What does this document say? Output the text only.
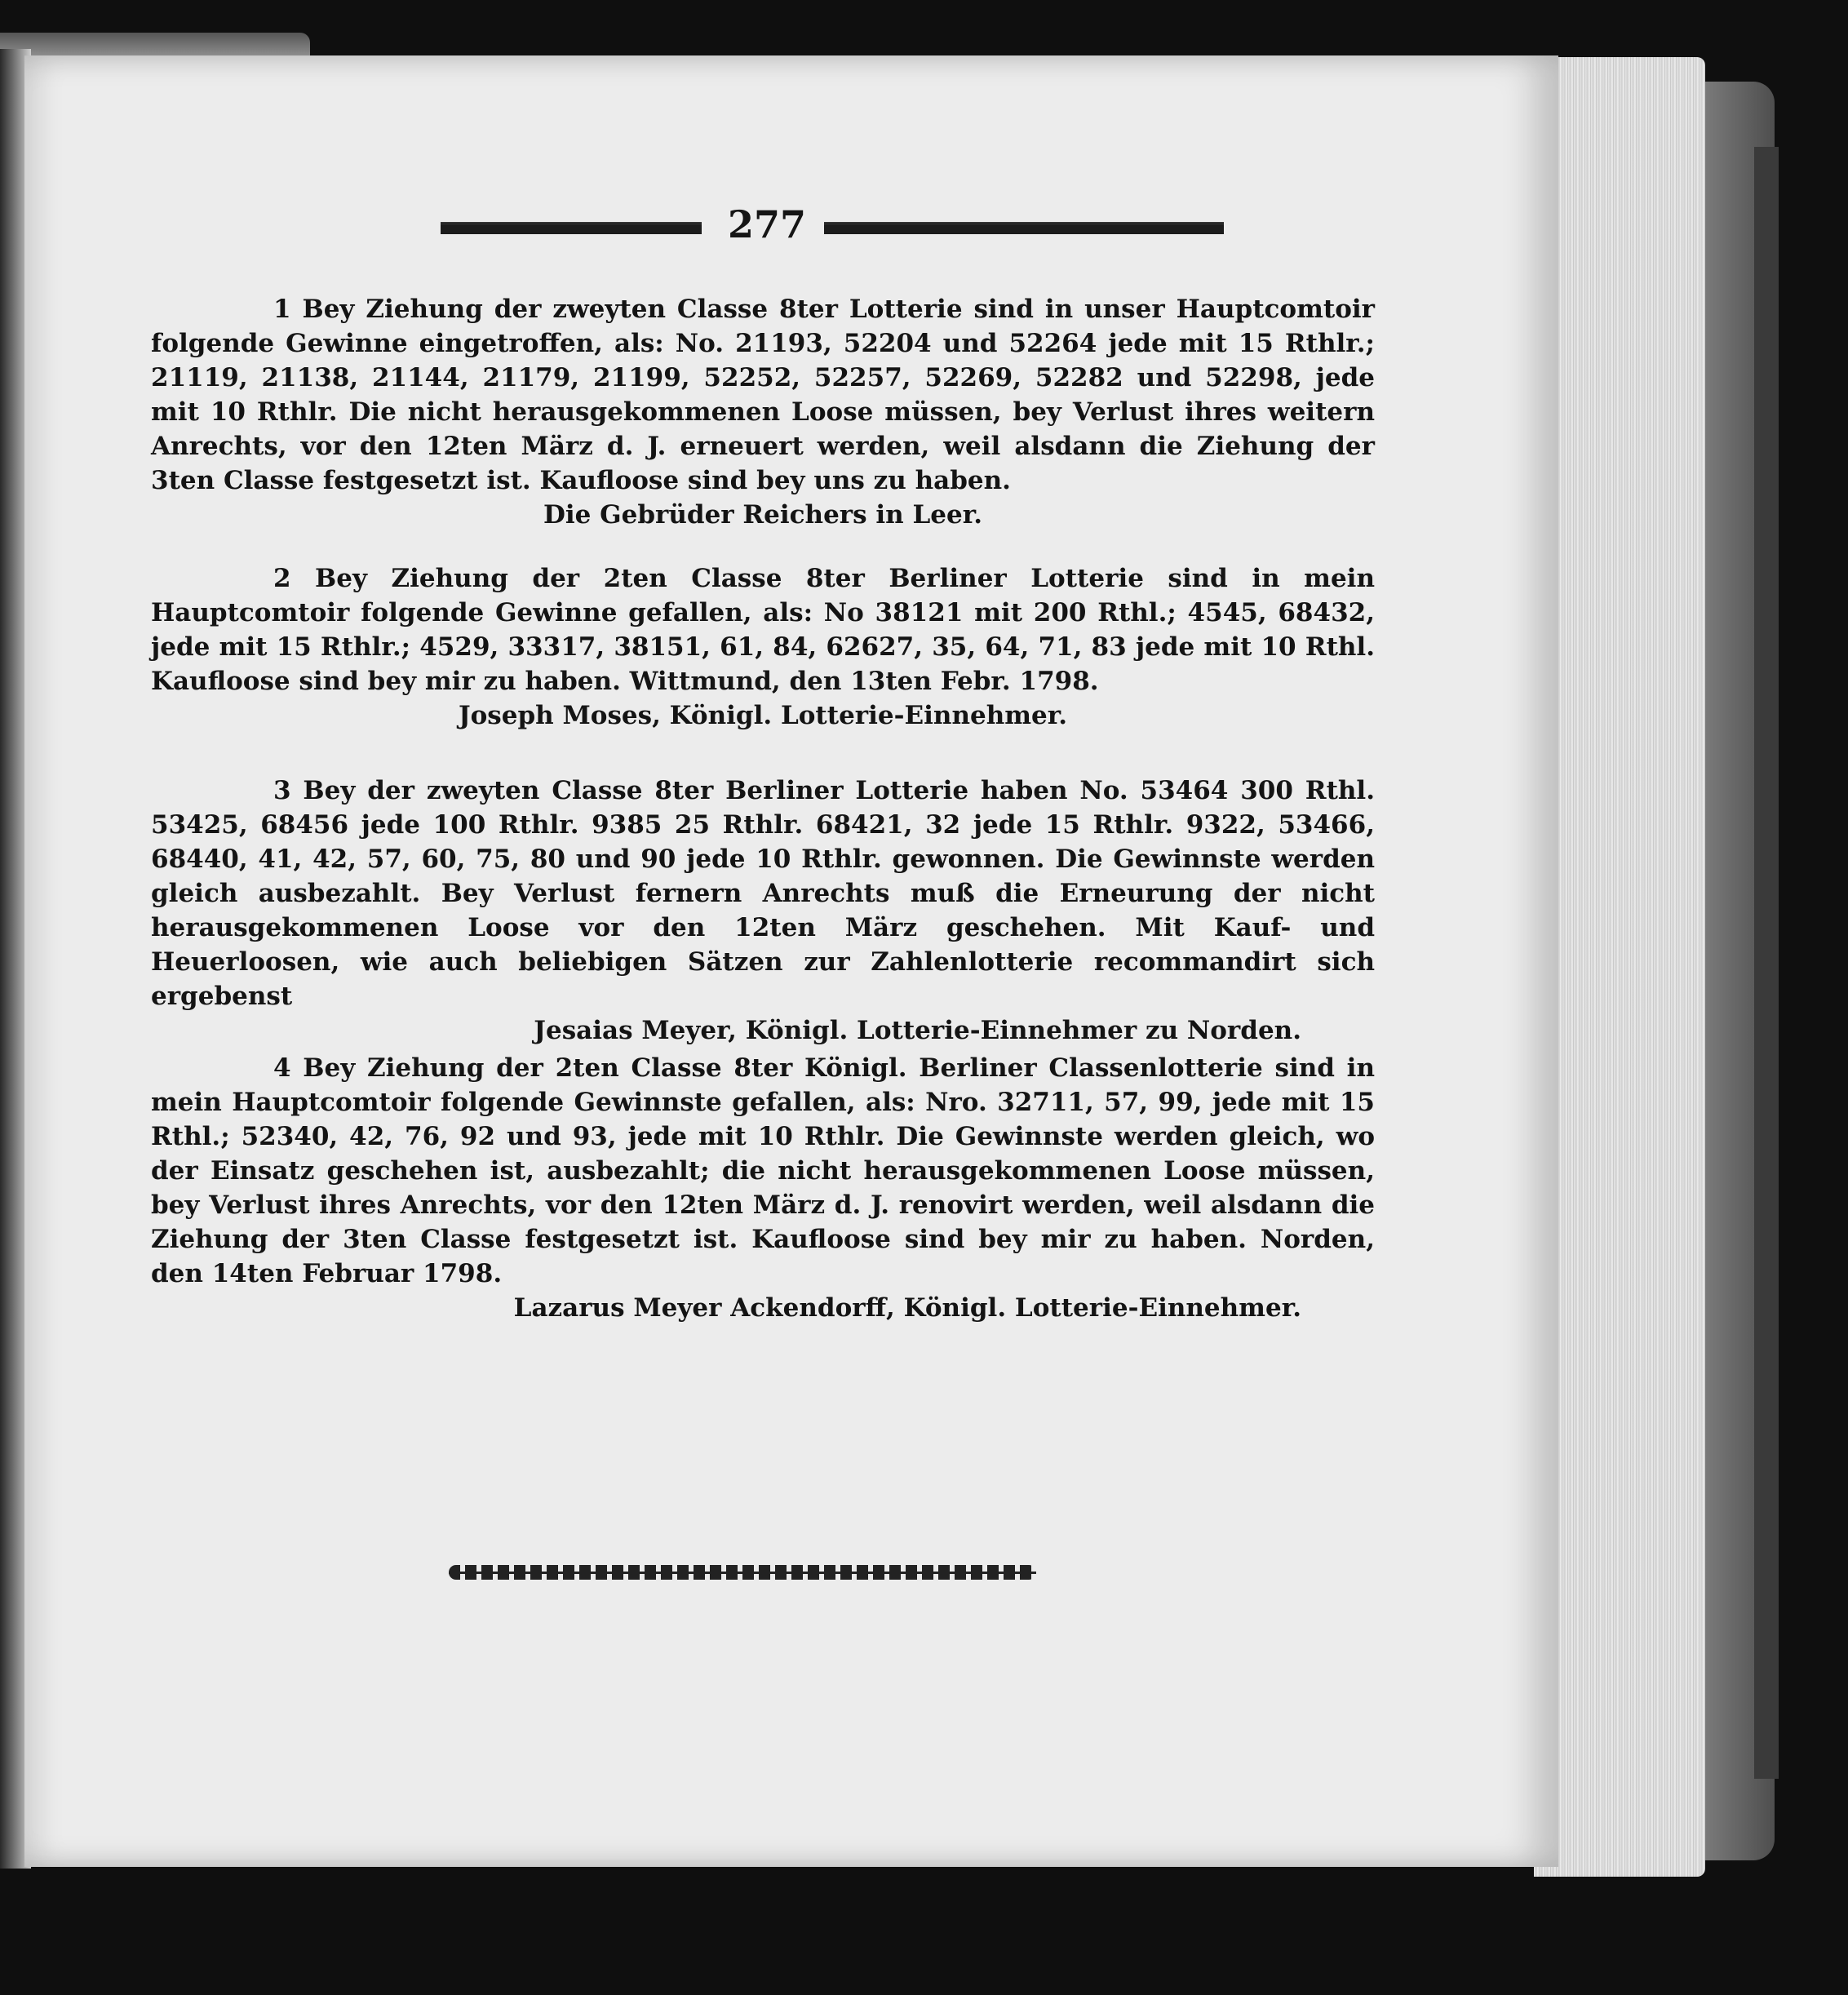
277

1 Bey Ziehung der zweyten Classe 8ter Lotterie sind in unser Hauptcomtoir folgende Gewinne eingetroffen, als: No. 21193, 52204 und 52264 jede mit 15 Rthlr.; 21119, 21138, 21144, 21179, 21199, 52252, 52257, 52269, 52282 und 52298, jede mit 10 Rthlr. Die nicht herausgekommenen Loose müssen, bey Verlust ihres weitern Anrechts, vor den 12ten März d. J. erneuert werden, weil alsdann die Ziehung der 3ten Classe festgesetzt ist. Kaufloose sind bey uns zu haben.

Die Gebrüder Reichers in Leer.

2 Bey Ziehung der 2ten Classe 8ter Berliner Lotterie sind in mein Hauptcomtoir folgende Gewinne gefallen, als: No 38121 mit 200 Rthl.; 4545, 68432, jede mit 15 Rthlr.; 4529, 33317, 38151, 61, 84, 62627, 35, 64, 71, 83 jede mit 10 Rthl. Kaufloose sind bey mir zu haben. Wittmund, den 13ten Febr. 1798.

Joseph Moses, Königl. Lotterie-Einnehmer.

3 Bey der zweyten Classe 8ter Berliner Lotterie haben No. 53464 300 Rthl. 53425, 68456 jede 100 Rthlr. 9385 25 Rthlr. 68421, 32 jede 15 Rthlr. 9322, 53466, 68440, 41, 42, 57, 60, 75, 80 und 90 jede 10 Rthlr. gewonnen. Die Gewinnste werden gleich ausbezahlt. Bey Verlust fernern Anrechts muß die Erneurung der nicht herausgekommenen Loose vor den 12ten März geschehen. Mit Kauf- und Heuerloosen, wie auch beliebigen Sätzen zur Zahlenlotterie recommandirt sich ergebenst

Jesaias Meyer, Königl. Lotterie-Einnehmer zu Norden.

4 Bey Ziehung der 2ten Classe 8ter Königl. Berliner Classenlotterie sind in mein Hauptcomtoir folgende Gewinnste gefallen, als: Nro. 32711, 57, 99, jede mit 15 Rthl.; 52340, 42, 76, 92 und 93, jede mit 10 Rthlr. Die Gewinnste werden gleich, wo der Einsatz geschehen ist, ausbezahlt; die nicht herausgekommenen Loose müssen, bey Verlust ihres Anrechts, vor den 12ten März d. J. renovirt werden, weil alsdann die Ziehung der 3ten Classe festgesetzt ist. Kaufloose sind bey mir zu haben. Norden, den 14ten Februar 1798.

Lazarus Meyer Ackendorff, Königl. Lotterie-Einnehmer.
